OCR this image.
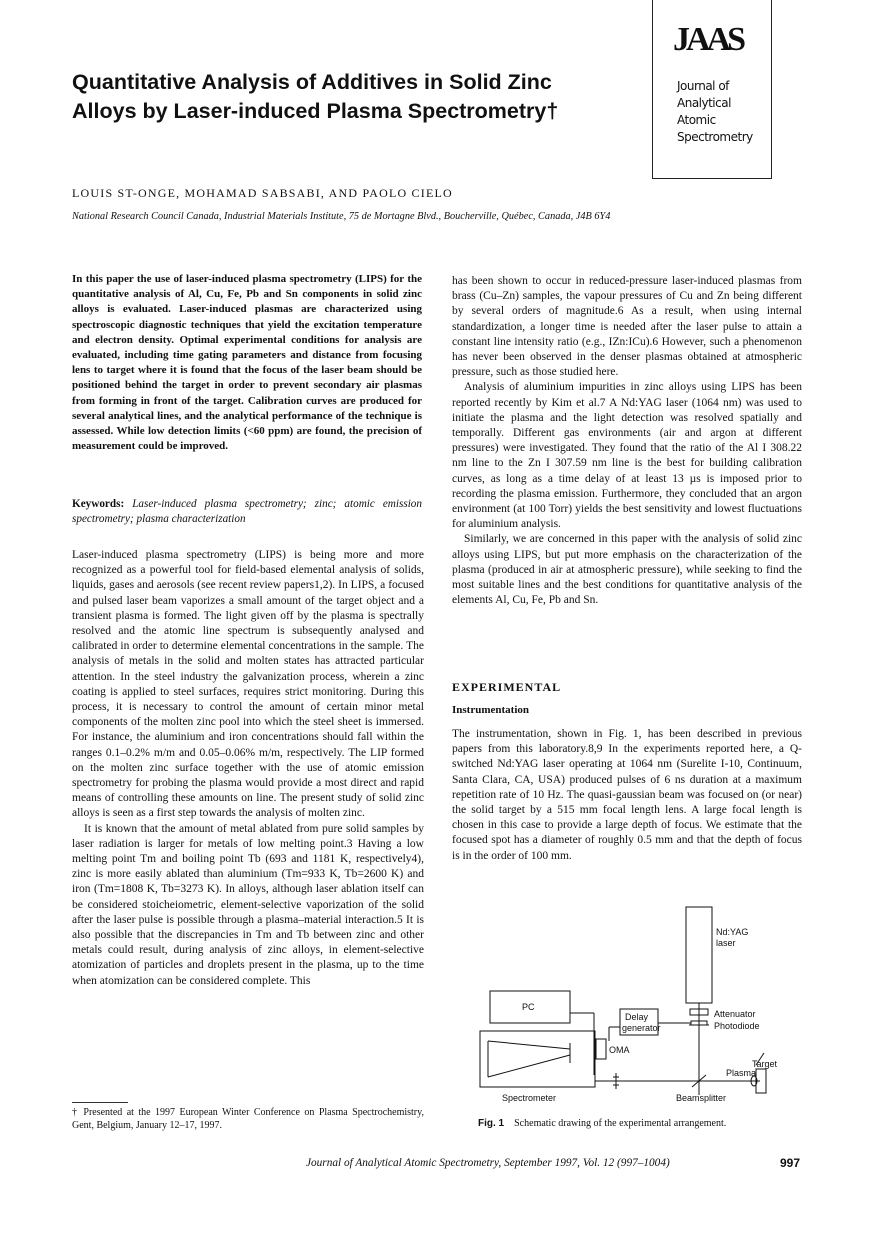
Quantitative Analysis of Additives in Solid Zinc Alloys by Laser-induced Plasma Spectrometry†
JAAS
Journal of
Analytical
Atomic
Spectrometry
LOUIS ST-ONGE, MOHAMAD SABSABI, AND PAOLO CIELO
National Research Council Canada, Industrial Materials Institute, 75 de Mortagne Blvd., Boucherville, Québec, Canada, J4B 6Y4
In this paper the use of laser-induced plasma spectrometry (LIPS) for the quantitative analysis of Al, Cu, Fe, Pb and Sn components in solid zinc alloys is evaluated. Laser-induced plasmas are characterized using spectroscopic diagnostic techniques that yield the excitation temperature and electron density. Optimal experimental conditions for analysis are evaluated, including time gating parameters and distance from focusing lens to target where it is found that the focus of the laser beam should be positioned behind the target in order to prevent secondary air plasmas from forming in front of the target. Calibration curves are produced for several analytical lines, and the analytical performance of the technique is assessed. While low detection limits (<60 ppm) are found, the precision of measurement could be improved.
Keywords: Laser-induced plasma spectrometry; zinc; atomic emission spectrometry; plasma characterization

Laser-induced plasma spectrometry (LIPS) is being more and more recognized as a powerful tool for field-based elemental analysis of solids, liquids, gases and aerosols (see recent review papers1,2). In LIPS, a focused and pulsed laser beam vaporizes a small amount of the target object and a transient plasma is formed. The light given off by the plasma is spectrally resolved and the atomic line spectrum is subsequently analysed and calibrated in order to determine elemental concentrations in the sample. The analysis of metals in the solid and molten states has attracted particular attention. In the steel industry the galvanization process, wherein a zinc coating is applied to steel surfaces, requires strict monitoring. During this process, it is necessary to control the amount of certain minor metal components of the molten zinc pool into which the steel sheet is immersed. For instance, the aluminium and iron concentrations should fall within the ranges 0.1–0.2% m/m and 0.05–0.06% m/m, respectively. The LIP formed on the molten zinc surface together with the use of atomic emission spectrometry for probing the plasma would provide a most direct and rapid means of controlling these amounts on line. The present study of solid zinc alloys is seen as a first step towards the analysis of molten zinc.

It is known that the amount of metal ablated from pure solid samples by laser radiation is larger for metals of low melting point.3 Having a low melting point Tm and boiling point Tb (693 and 1181 K, respectively4), zinc is more easily ablated than aluminium (Tm=933 K, Tb=2600 K) and iron (Tm=1808 K, Tb=3273 K). In alloys, although laser ablation itself can be considered stoicheiometric, element-selective vaporization of the solid after the laser pulse is possible through a plasma–material interaction.5 It is also possible that the discrepancies in Tm and Tb between zinc and other metals could result, during analysis of zinc alloys, in element-selective atomization of particles and droplets present in the plasma, up to the time when atomization can be considered complete. This

has been shown to occur in reduced-pressure laser-induced plasmas from brass (Cu–Zn) samples, the vapour pressures of Cu and Zn being different by several orders of magnitude.6 As a result, when using internal standardization, a longer time is needed after the laser pulse to attain a constant line intensity ratio (e.g., IZn:ICu).6 However, such a phenomenon has never been observed in the denser plasmas obtained at atmospheric pressure, such as those studied here.

Analysis of aluminium impurities in zinc alloys using LIPS has been reported recently by Kim et al.7 A Nd:YAG laser (1064 nm) was used to initiate the plasma and the light detection was resolved spatially and temporally. Different gas environments (air and argon at different pressures) were investigated. They found that the ratio of the Al I 308.22 nm line to the Zn I 307.59 nm line is the best for building calibration curves, as long as a time delay of at least 13 µs is imposed prior to recording the plasma emission. Furthermore, they concluded that an argon environment (at 100 Torr) yields the best sensitivity and lowest fluctuations for aluminium analysis.

Similarly, we are concerned in this paper with the analysis of solid zinc alloys using LIPS, but put more emphasis on the characterization of the plasma (produced in air at atmospheric pressure), while seeking to find the most suitable lines and the best conditions for quantitative analysis of the elements Al, Cu, Fe, Pb and Sn.

EXPERIMENTAL
Instrumentation
The instrumentation, shown in Fig. 1, has been described in previous papers from this laboratory.8,9 In the experiments reported here, a Q-switched Nd:YAG laser operating at 1064 nm (Surelite I-10, Continuum, Santa Clara, CA, USA) produced pulses of 6 ns duration at a maximum repetition rate of 10 Hz. The quasi-gaussian beam was focused on (or near) the solid target by a 515 mm focal length lens. A large focal length is chosen in this case to provide a large depth of focus. We estimate that the focused spot has a diameter of roughly 0.5 mm and that the depth of focus is in the order of 100 mm.
Nd:YAG
laser
Attenuator
Photodiode
PC
Delay
generator
OMA
Target
Plasma
Spectrometer	Beamsplitter
Fig. 1 Schematic drawing of the experimental arrangement.
† Presented at the 1997 European Winter Conference on Plasma Spectrochemistry, Gent, Belgium, January 12–17, 1997.
Journal of Analytical Atomic Spectrometry, September 1997, Vol. 12 (997–1004)	997
